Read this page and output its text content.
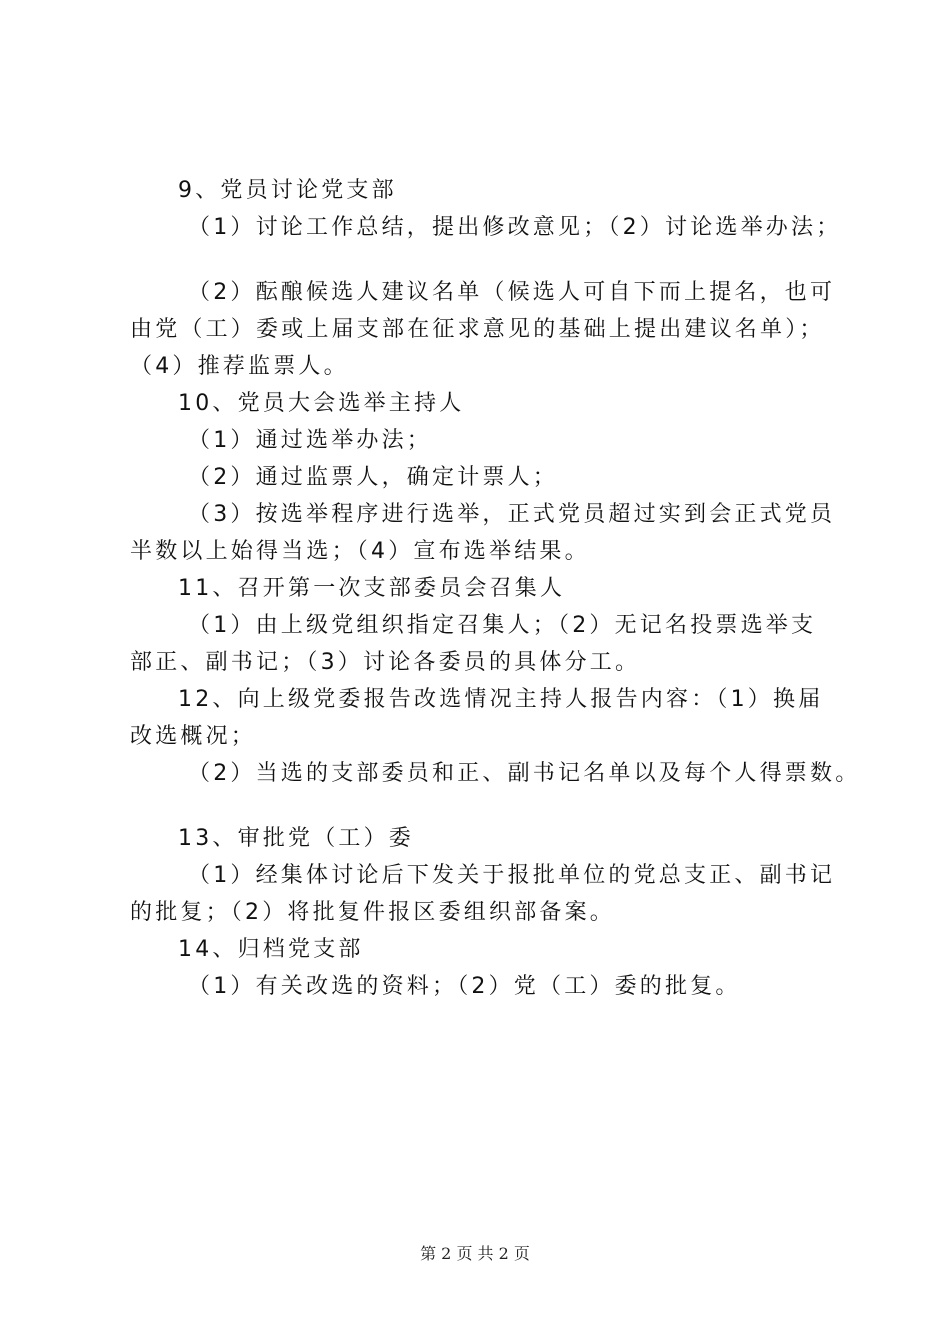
9、党员讨论党支部
（1）讨论工作总结，提出修改意见；（2）讨论选举办法；
（2）酝酿候选人建议名单（候选人可自下而上提名，也可
由党（工）委或上届支部在征求意见的基础上提出建议名单）；
（4）推荐监票人。
10、党员大会选举主持人
（1）通过选举办法；
（2）通过监票人，确定计票人；
（3）按选举程序进行选举，正式党员超过实到会正式党员
半数以上始得当选；（4）宣布选举结果。
11、召开第一次支部委员会召集人
（1）由上级党组织指定召集人；（2）无记名投票选举支
部正、副书记；（3）讨论各委员的具体分工。
12、向上级党委报告改选情况主持人报告内容：（1）换届
改选概况；
（2）当选的支部委员和正、副书记名单以及每个人得票数。
13、审批党（工）委
（1）经集体讨论后下发关于报批单位的党总支正、副书记
的批复；（2）将批复件报区委组织部备案。
14、归档党支部
（1）有关改选的资料；（2）党（工）委的批复。
第 2 页 共 2 页
